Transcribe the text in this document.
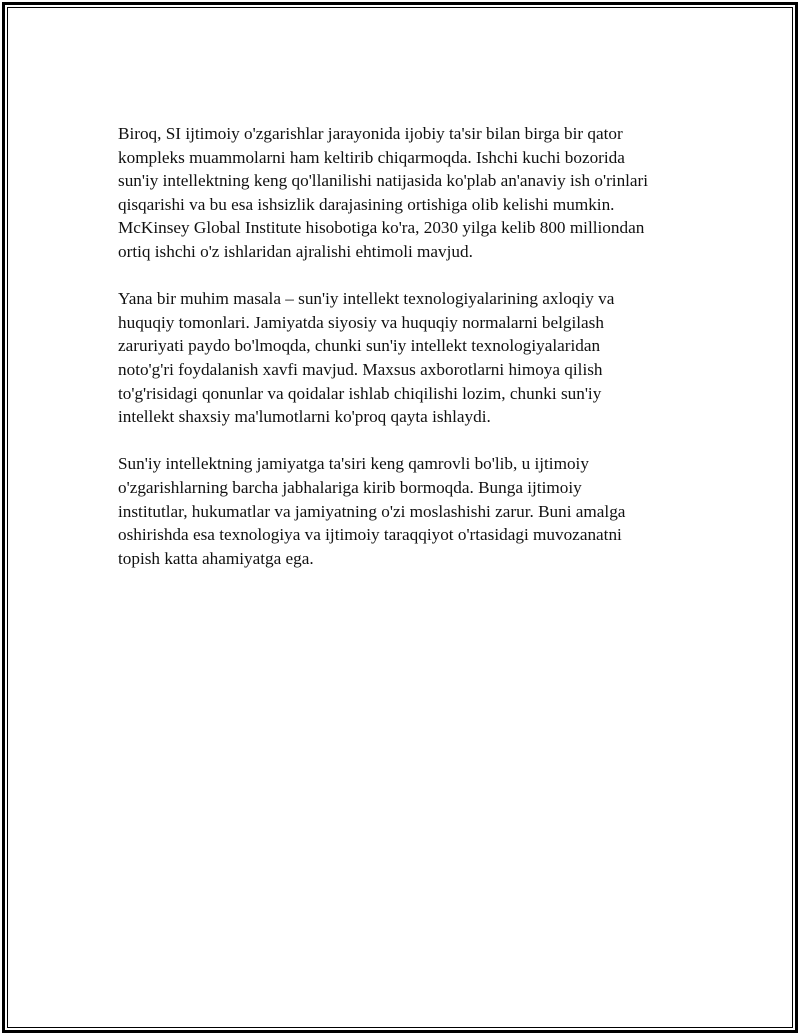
Biroq, SI ijtimoiy o'zgarishlar jarayonida ijobiy ta'sir bilan birga bir qator
kompleks muammolarni ham keltirib chiqarmoqda. Ishchi kuchi bozorida
sun'iy intellektning keng qo'llanilishi natijasida ko'plab an'anaviy ish o'rinlari
qisqarishi va bu esa ishsizlik darajasining ortishiga olib kelishi mumkin.
McKinsey Global Institute hisobotiga ko'ra, 2030 yilga kelib 800 milliondan
ortiq ishchi o'z ishlaridan ajralishi ehtimoli mavjud.

Yana bir muhim masala – sun'iy intellekt texnologiyalarining axloqiy va
huquqiy tomonlari. Jamiyatda siyosiy va huquqiy normalarni belgilash
zaruriyati paydo bo'lmoqda, chunki sun'iy intellekt texnologiyalaridan
noto'g'ri foydalanish xavfi mavjud. Maxsus axborotlarni himoya qilish
to'g'risidagi qonunlar va qoidalar ishlab chiqilishi lozim, chunki sun'iy
intellekt shaxsiy ma'lumotlarni ko'proq qayta ishlaydi.

Sun'iy intellektning jamiyatga ta'siri keng qamrovli bo'lib, u ijtimoiy
o'zgarishlarning barcha jabhalariga kirib bormoqda. Bunga ijtimoiy
institutlar, hukumatlar va jamiyatning o'zi moslashishi zarur. Buni amalga
oshirishda esa texnologiya va ijtimoiy taraqqiyot o'rtasidagi muvozanatni
topish katta ahamiyatga ega.
